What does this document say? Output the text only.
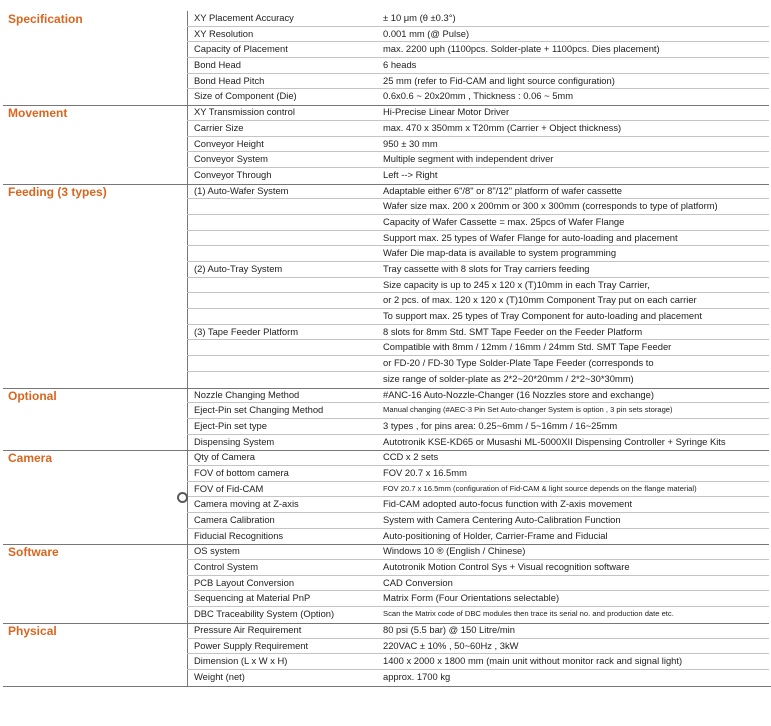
Specification	XY Placement Accuracy	± 10 μm (θ ±0.3°)
XY Resolution	0.001 mm (@ Pulse)
Capacity of Placement	max. 2200 uph (1100pcs. Solder-plate + 1100pcs. Dies placement)
Bond Head	6 heads
Bond Head Pitch	25 mm (refer to Fid-CAM and light source configuration)
Size of Component (Die)	0.6x0.6 ~ 20x20mm , Thickness : 0.06 ~ 5mm
Movement	XY Transmission control	Hi-Precise Linear Motor Driver
Carrier Size	max. 470 x 350mm x T20mm (Carrier + Object thickness)
Conveyor Height	950 ± 30 mm
Conveyor System	Multiple segment with independent driver
Conveyor Through	Left --> Right
Feeding (3 types)	(1) Auto-Wafer System	Adaptable either 6"/8" or 8"/12" platform of wafer cassette
Wafer size max. 200 x 200mm or 300 x 300mm (corresponds to type of platform)
Capacity of Wafer Cassette = max. 25pcs of Wafer Flange
Support max. 25 types of Wafer Flange for auto-loading and placement
Wafer Die map-data is available to system programming
(2) Auto-Tray System	Tray cassette with 8 slots for Tray carriers feeding
Size capacity is up to 245 x 120 x (T)10mm in each Tray Carrier,
or 2 pcs. of max. 120 x 120 x (T)10mm Component Tray put on each carrier
To support max. 25 types of Tray Component for auto-loading and placement
(3) Tape Feeder Platform	8 slots for 8mm Std. SMT Tape Feeder on the Feeder Platform
Compatible with 8mm / 12mm / 16mm / 24mm Std. SMT Tape Feeder
or FD-20 / FD-30 Type Solder-Plate Tape Feeder (corresponds to
size range of solder-plate as 2*2~20*20mm / 2*2~30*30mm)
Optional	Nozzle Changing Method	#ANC-16 Auto-Nozzle-Changer (16 Nozzles store and exchange)
Eject-Pin set Changing Method	Manual changing (#AEC-3 Pin Set Auto-changer System is option , 3 pin sets storage)
Eject-Pin set type	3 types , for pins area: 0.25~6mm / 5~16mm / 16~25mm
Dispensing System	Autotronik KSE-KD65 or Musashi ML-5000XII Dispensing Controller + Syringe Kits
Camera	Qty of Camera	CCD x 2 sets
FOV of bottom camera	FOV 20.7 x 16.5mm
FOV of Fid-CAM	FOV 20.7 x 16.5mm (configuration of Fid-CAM & light source depends on the flange material)
Camera moving at Z-axis	Fid-CAM adopted auto-focus function with Z-axis movement
Camera Calibration	System with Camera Centering Auto-Calibration Function
Fiducial Recognitions	Auto-positioning of Holder, Carrier-Frame and Fiducial
Software	OS system	Windows 10 ® (English / Chinese)
Control System	Autotronik Motion Control Sys + Visual recognition software
PCB Layout Conversion	CAD Conversion
Sequencing at Material PnP	Matrix Form (Four Orientations selectable)
DBC Traceability System (Option)	Scan the Matrix code of DBC modules then trace its serial no. and production date etc.
Physical	Pressure Air Requirement	80 psi (5.5 bar) @ 150 Litre/min
Power Supply Requirement	220VAC ± 10% , 50~60Hz , 3kW
Dimension (L x W x H)	1400 x 2000 x 1800 mm (main unit without monitor rack and signal light)
Weight (net)	approx. 1700 kg
